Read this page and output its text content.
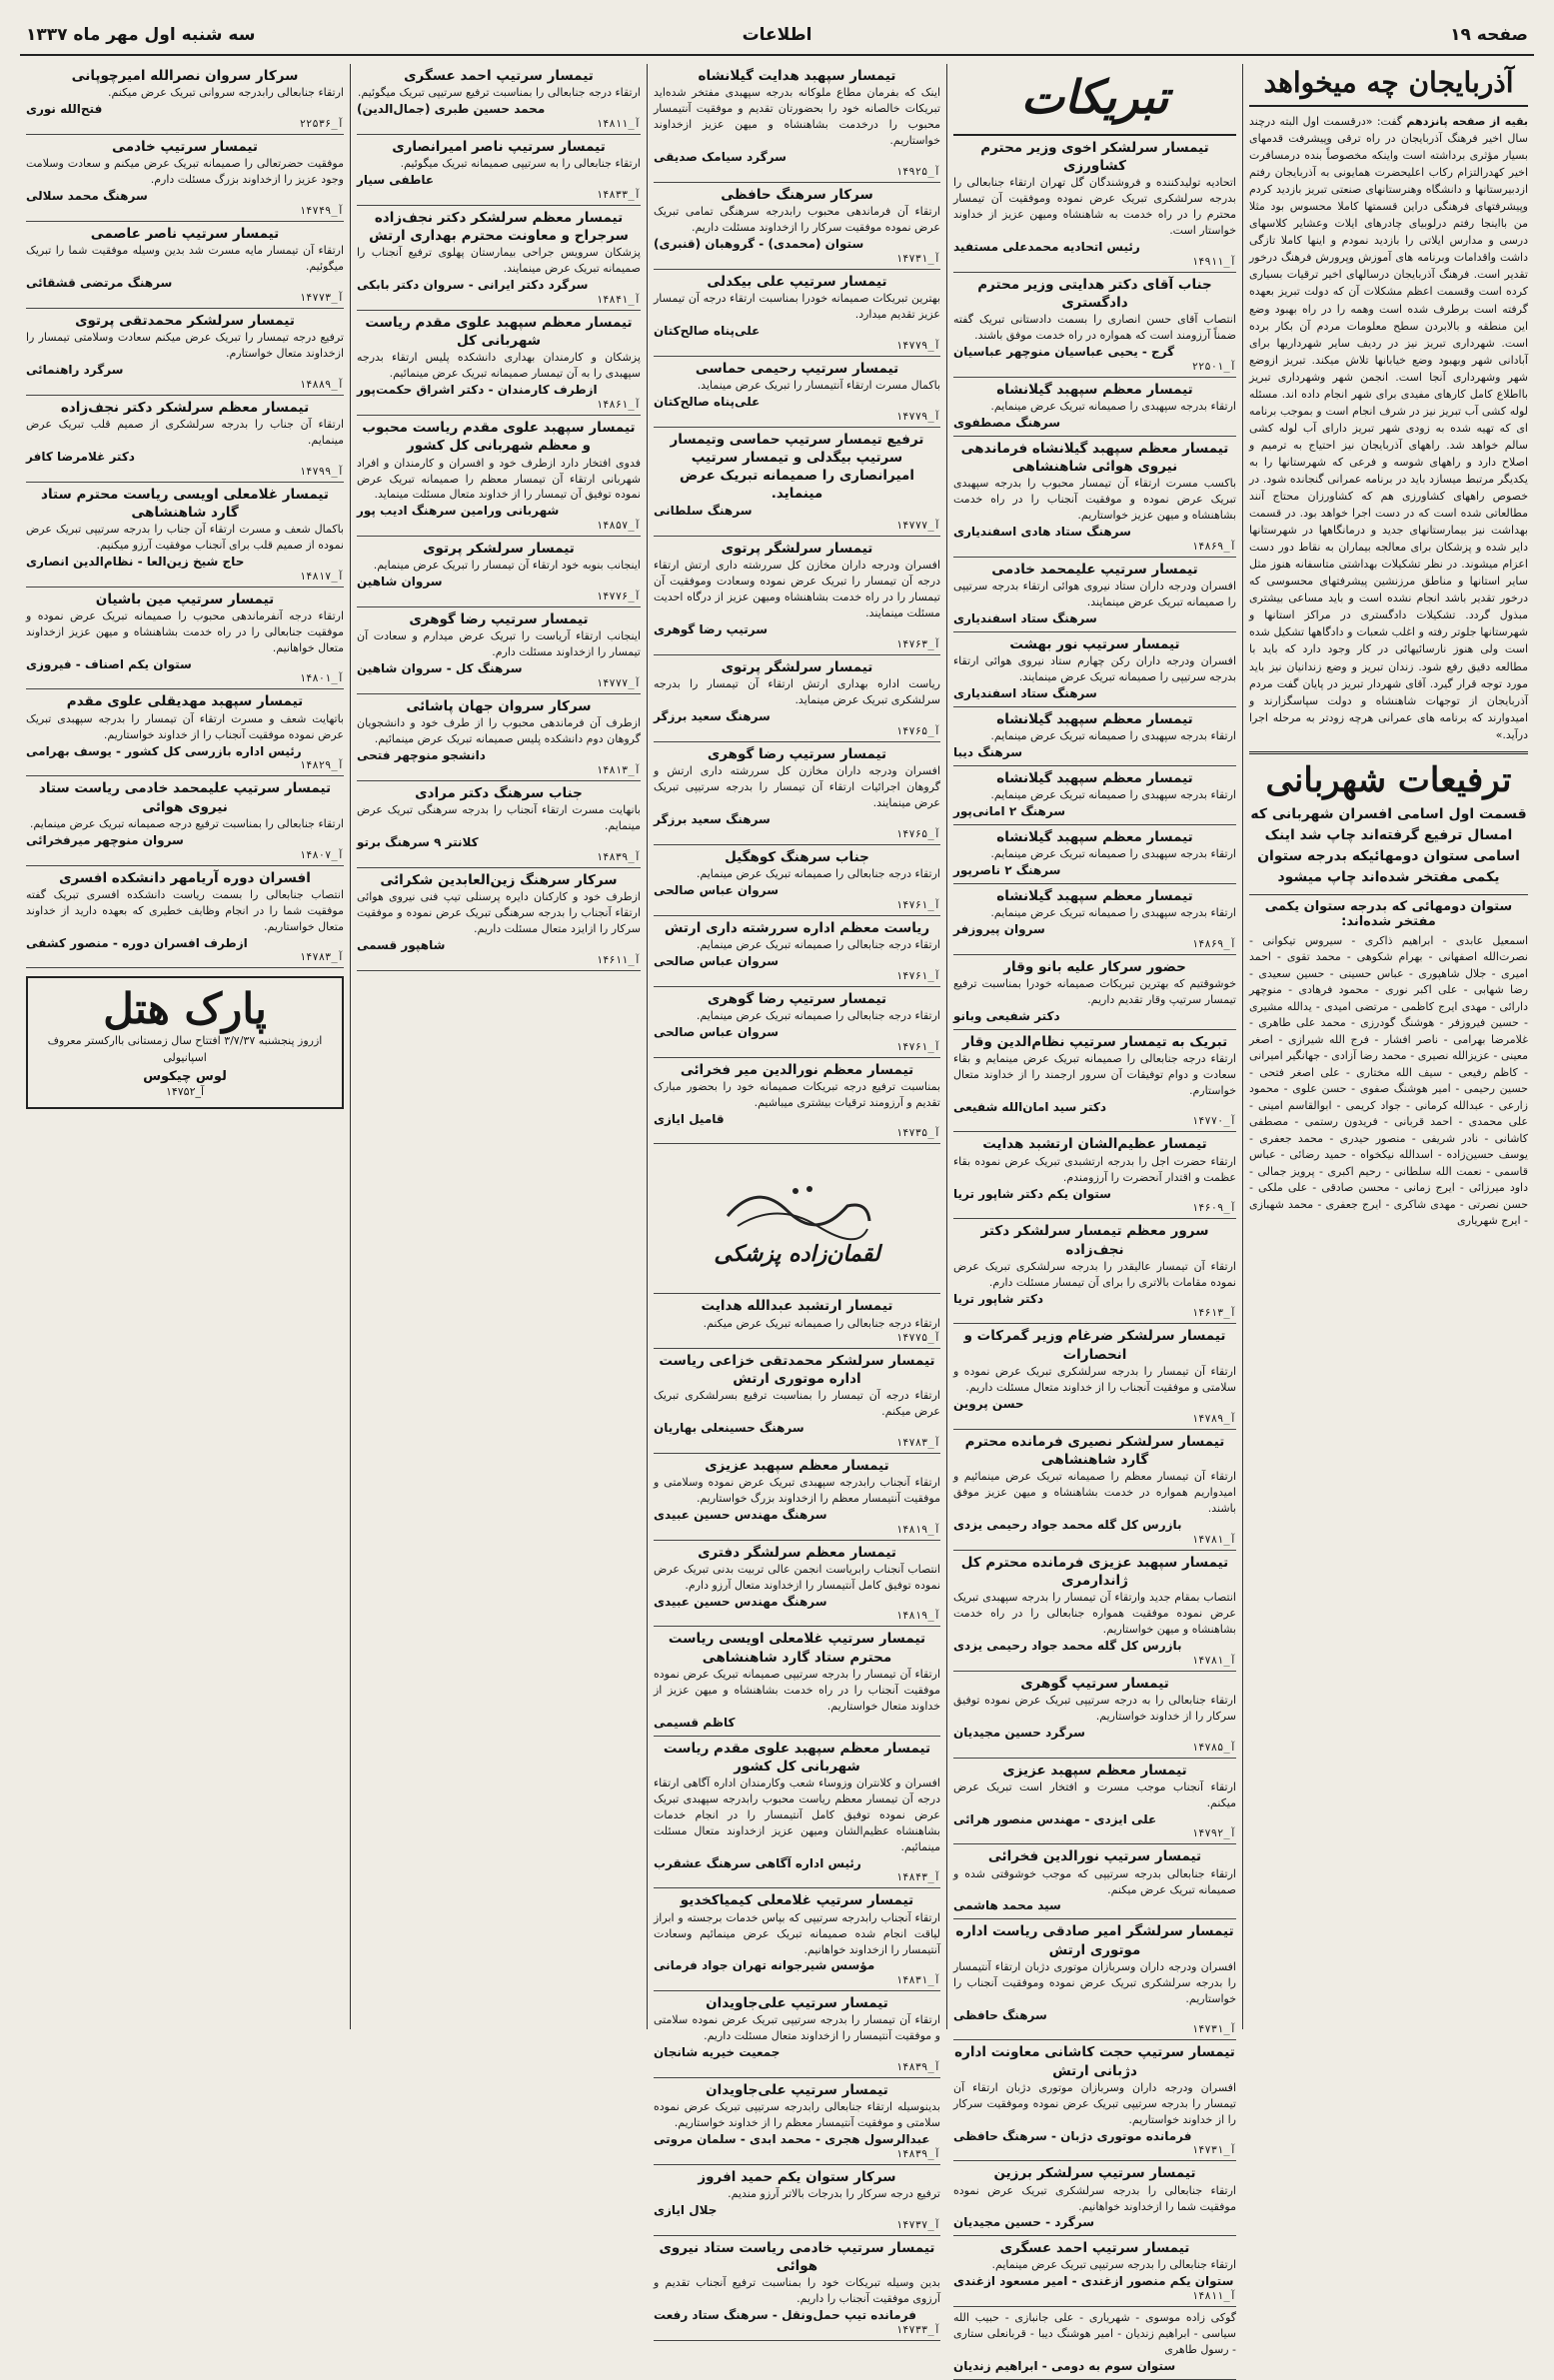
صفحه ۱۹
اطلاعات
سه شنبه اول مهر ماه ۱۳۳۷
آذربایجان چه میخواهد
بقیه از صفحه پانزدهم گفت: «درقسمت اول البته درچند سال اخیر فرهنگ آذربایجان در راه ترقی وپیشرفت قدمهای بسیار مؤثری برداشته است واینکه مخصوصاً بنده درمسافرت اخیر کهدرالتزام رکاب اعلیحضرت همایونی به آذربایجان رفتم ازدبیرستانها و دانشگاه وهنرستانهای صنعتی تبریز بازدید کردم وپیشرفتهای فرهنگی دراین قسمتها کاملا محسوس بود مثلا من بااینجا رفتم درلوبیای چادرهای ایلات وعشایر کلاسهای درسی و مدارس ایلاتی را بازدید نمودم و اینها کاملا تازگی داشت واقدامات وبرنامه های آموزش وپرورش فرهنگ درخور تقدیر است. فرهنگ آذربایجان درسالهای اخیر ترقیات بسیاری کرده است وقسمت اعظم مشکلات آن که دولت تبریز بعهده گرفته است برطرف شده است وهمه را در راه بهبود وضع این منطقه و بالابردن سطح معلومات مردم آن بکار برده است. شهرداری تبریز نیز در ردیف سایر شهرداریها برای آبادانی شهر وبهبود وضع خیابانها تلاش میکند. تبریز ازوضع شهر وشهرداری آنجا است. انجمن شهر وشهرداری تبریز بااطلاع کامل کارهای مفیدی برای شهر انجام داده اند. مسئله لوله کشی آب تبریز نیز در شرف انجام است و بموجب برنامه ای که تهیه شده به زودی شهر تبریز دارای آب لوله کشی سالم خواهد شد. راههای آذربایجان نیز احتیاج به ترمیم و اصلاح دارد و راههای شوسه و فرعی که شهرستانها را به یکدیگر مرتبط میسازد باید در برنامه عمرانی گنجانده شود. در خصوص راههای کشاورزی هم که کشاورزان محتاج آنند مطالعاتی شده است که در دست اجرا خواهد بود. در قسمت بهداشت نیز بیمارستانهای جدید و درمانگاهها در شهرستانها دایر شده و پزشکان برای معالجه بیماران به نقاط دور دست اعزام میشوند. در نظر تشکیلات بهداشتی متاسفانه هنوز مثل سایر استانها و مناطق مرزنشین پیشرفتهای محسوسی که درخور تقدیر باشد انجام نشده است و باید مساعی بیشتری مبذول گردد. تشکیلات دادگستری در مراکز استانها و شهرستانها جلوتر رفته و اغلب شعبات و دادگاهها تشکیل شده است ولی هنوز نارسائیهائی در کار وجود دارد که باید با مطالعه دقیق رفع شود. زندان تبریز و وضع زندانیان نیز باید مورد توجه قرار گیرد. آقای شهردار تبریز در پایان گفت مردم آذربایجان از توجهات شاهنشاه و دولت سپاسگزارند و امیدوارند که برنامه های عمرانی هرچه زودتر به مرحله اجرا درآید.»
ترفیعات شهربانی
قسمت اول اسامی افسران شهربانی که امسال ترفیع گرفته‌اند چاپ شد اینک اسامی ستوان دومهائیکه بدرجه ستوان یکمی مفتخر شده‌اند چاپ میشود
ستوان دومهائی که بدرجه ستوان یکمی مفتخر شده‌اند:
اسمعیل عابدی - ابراهیم ذاکری - سیروس تیکوانی - نصرت‌الله اصفهانی - بهرام شکوهی - محمد تقوی - احمد امیری - جلال شاهپوری - عباس حسینی - حسین سعیدی - رضا شهابی - علی اکبر نوری - محمود فرهادی - منوچهر دارائی - مهدی ایرج کاظمی - مرتضی امیدی - یدالله مشیری - حسین فیروزفر - هوشنگ گودرزی - محمد علی طاهری - غلامرضا بهرامی - ناصر افشار - فرج الله شیرازی - اصغر معینی - عزیزالله نصیری - محمد رضا آزادی - جهانگیر امیرانی - کاظم رفیعی - سیف الله مختاری - علی اصغر فتحی - حسین رحیمی - امیر هوشنگ صفوی - حسن علوی - محمود زارعی - عبدالله کرمانی - جواد کریمی - ابوالقاسم امینی - علی محمدی - احمد قربانی - فریدون رستمی - مصطفی کاشانی - نادر شریفی - منصور حیدری - محمد جعفری - یوسف حسین‌زاده - اسدالله نیکخواه - حمید رضائی - عباس قاسمی - نعمت الله سلطانی - رحیم اکبری - پرویز جمالی - داود میرزائی - ایرج زمانی - محسن صادقی - علی ملکی - حسن نصرتی - مهدی شاکری - ایرج جعفری - محمد شهبازی - ایرج شهریاری
تبریکات
تیمسار سرلشکر اخوی وزیر محترم کشاورزی
اتحادیه تولیدکننده و فروشندگان گل تهران ارتقاء جنابعالی را بدرجه سرلشکری تبریک عرض نموده وموفقیت آن تیمسار محترم را در راه خدمت به شاهنشاه ومیهن عزیز از خداوند خواستار است.
رئیس اتحادیه محمدعلی مستفید
آ_۱۴۹۱۱
جناب آقای دکتر هدایتی وزیر محترم دادگستری
انتصاب آقای حسن انصاری را بسمت دادستانی تبریک گفته ضمناً آرزومند است که همواره در راه خدمت موفق باشند.
گرج - یحیی عباسیان منوچهر عباسیان
آ_۲۲۵۰۱
تیمسار معظم سپهبد گیلانشاه
ارتقاء بدرجه سپهبدی را صمیمانه تبریک عرض مینمایم.
سرهنگ مصطفوی
تیمسار معظم سپهبد گیلانشاه فرماندهی نیروی هوائی شاهنشاهی
باکسب مسرت ارتقاء آن تیمسار محبوب را بدرجه سپهبدی تبریک عرض نموده و موفقیت آنجناب را در راه خدمت بشاهنشاه و میهن عزیز خواستاریم.
سرهنگ ستاد هادی اسفندیاری
آ_۱۴۸۶۹
تیمسار سرتیپ علیمحمد خادمی
افسران ودرجه داران ستاد نیروی هوائی ارتقاء بدرجه سرتیپی را صمیمانه تبریک عرض مینمایند.
سرهنگ ستاد اسفندیاری
تیمسار سرتیپ نور بهشت
افسران ودرجه داران رکن چهارم ستاد نیروی هوائی ارتقاء بدرجه سرتیپی را صمیمانه تبریک عرض مینمایند.
سرهنگ ستاد اسفندیاری
تیمسار معظم سپهبد گیلانشاه
ارتقاء بدرجه سپهبدی را صمیمانه تبریک عرض مینمایم.
سرهنگ دیبا
تیمسار معظم سپهبد گیلانشاه
ارتقاء بدرجه سپهبدی را صمیمانه تبریک عرض مینمایم.
سرهنگ ۲ امانی‌پور
تیمسار معظم سپهبد گیلانشاه
ارتقاء بدرجه سپهبدی را صمیمانه تبریک عرض مینمایم.
سرهنگ ۲ ناصرپور
تیمسار معظم سپهبد گیلانشاه
ارتقاء بدرجه سپهبدی را صمیمانه تبریک عرض مینمایم.
سروان پیروزفر
آ_۱۴۸۶۹
حضور سرکار علیه بانو وقار
خوشوقتیم که بهترین تبریکات صمیمانه خودرا بمناسبت ترفیع تیمسار سرتیپ وقار تقدیم داریم.
دکتر شفیعی وبانو
تبریک به تیمسار سرتیپ نظام‌الدین وقار
ارتقاء درجه جنابعالی را صمیمانه تبریک عرض مینمایم و بقاء سعادت و دوام توفیقات آن سرور ارجمند را از خداوند متعال خواستارم.
دکتر سید امان‌الله شفیعی
آ_۱۴۷۷۰
تیمسار عظیم‌الشان ارتشبد هدایت
ارتقاء حضرت اجل را بدرجه ارتشبدی تبریک عرض نموده بقاء عظمت و اقتدار آنحضرت را آرزومندم.
ستوان یکم دکتر شاپور تریا
آ_۱۴۶۰۹
سرور معظم تیمسار سرلشکر دکتر نجف‌زاده
ارتقاء آن تیمسار عالیقدر را بدرجه سرلشکری تبریک عرض نموده مقامات بالاتری را برای آن تیمسار مسئلت دارم.
دکتر شاپور تریا
آ_۱۴۶۱۳
تیمسار سرلشکر ضرغام وزیر گمرکات و انحصارات
ارتقاء آن تیمسار را بدرجه سرلشکری تبریک عرض نموده و سلامتی و موفقیت آنجناب را از خداوند متعال مسئلت داریم.
حسن پروین
آ_۱۴۷۸۹
تیمسار سرلشکر نصیری فرمانده محترم گارد شاهنشاهی
ارتقاء آن تیمسار معظم را صمیمانه تبریک عرض مینمائیم و امیدواریم همواره در خدمت بشاهنشاه و میهن عزیز موفق باشند.
بازرس کل گله محمد جواد رحیمی یزدی
آ_۱۴۷۸۱
تیمسار سپهبد عزیزی فرمانده محترم کل ژاندارمری
انتصاب بمقام جدید وارتقاء آن تیمسار را بدرجه سپهبدی تبریک عرض نموده موفقیت همواره جنابعالی را در راه خدمت بشاهنشاه و میهن خواستاریم.
بازرس کل گله محمد جواد رحیمی یزدی
آ_۱۴۷۸۱
تیمسار سرتیپ گوهری
ارتقاء جنابعالی را به درجه سرتیپی تبریک عرض نموده توفیق سرکار را از خداوند خواستاریم.
سرگرد حسین مجیدیان
آ_۱۴۷۸۵
تیمسار معظم سپهبد عزیزی
ارتقاء آنجناب موجب مسرت و افتخار است تبریک عرض میکنم.
علی ایزدی - مهندس منصور هرائی
آ_۱۴۷۹۲
تیمسار سرتیپ نورالدین فخرائی
ارتقاء جنابعالی بدرجه سرتیپی که موجب خوشوقتی شده و صمیمانه تبریک عرض میکنم.
سید محمد هاشمی
تیمسار سرلشگر امیر صادقی ریاست اداره موتوری ارتش
افسران ودرجه داران وسربازان موتوری دژبان ارتقاء آنتیمسار را بدرجه سرلشکری تبریک عرض نموده وموفقیت آنجناب را خواستاریم.
سرهنگ حافظی
آ_۱۴۷۳۱
تیمسار سرتیپ حجت کاشانی معاونت اداره دژبانی ارتش
افسران ودرجه داران وسربازان موتوری دژبان ارتقاء آن تیمسار را بدرجه سرتیپی تبریک عرض نموده وموفقیت سرکار را از خداوند خواستاریم.
فرمانده موتوری دژبان - سرهنگ حافظی
آ_۱۴۷۳۱
تیمسار سرتیپ سرلشکر برزین
ارتقاء جنابعالی را بدرجه سرلشکری تبریک عرض نموده موفقیت شما را ازخداوند خواهانیم.
سرگرد - حسین مجیدیان
تیمسار سرتیپ احمد عسگری
ارتقاء جنابعالی را بدرجه سرتیپی تبریک عرض مینمایم.
ستوان یکم منصور ازغندی - امیر مسعود ازغندی
آ_۱۴۸۱۱
گوکی زاده موسوی - شهریاری - علی جانبازی - حبیب الله سیاسی - ابراهیم زندیان - امیر هوشنگ دیبا - قربانعلی ستاری - رسول طاهری
ستوان سوم به دومی - ابراهیم زندیان
تیمسار سپهبد هدایت گیلانشاه
اینک که بفرمان مطاع ملوکانه بدرجه سپهبدی مفتخر شده‌اید تبریکات خالصانه خود را بحضورتان تقدیم و موفقیت آنتیمسار محبوب را درخدمت بشاهنشاه و میهن عزیز ازخداوند خواستاریم.
سرگرد سیامک صدیقی
آ_۱۴۹۲۵
سرکار سرهنگ حافظی
ارتقاء آن فرماندهی محبوب رابدرجه سرهنگی تمامی تبریک عرض نموده موفقیت سرکار را ازخداوند مسئلت داریم.
ستوان (محمدی) - گروهبان (قنبری)
آ_۱۴۷۳۱
تیمسار سرتیپ علی بیکدلی
بهترین تبریکات صمیمانه خودرا بمناسبت ارتقاء درجه آن تیمسار عزیز تقدیم میدارد.
علی‌پناه صالح‌کتان
آ_۱۴۷۷۹
تیمسار سرتیپ رحیمی حماسی
باکمال مسرت ارتقاء آنتیمسار را تبریک عرض مینماید.
علی‌پناه صالح‌کتان
آ_۱۴۷۷۹
ترفیع تیمسار سرتیپ حماسی وتیمسار سرتیپ بیگدلی و تیمسار سرتیپ امیرانصاری را صمیمانه تبریک عرض مینماید.
سرهنگ سلطانی
آ_۱۴۷۷۷
تیمسار سرلشگر پرتوی
افسران ودرجه داران مخازن کل سررشته داری ارتش ارتقاء درجه آن تیمسار را تبریک عرض نموده وسعادت وموفقیت آن تیمسار را در راه خدمت بشاهنشاه ومیهن عزیز از درگاه احدیت مسئلت مینمایند.
سرتیپ رضا گوهری
آ_۱۴۷۶۳
تیمسار سرلشگر پرتوی
ریاست اداره بهداری ارتش ارتقاء آن تیمسار را بدرجه سرلشکری تبریک عرض مینماید.
سرهنگ سعید برزگر
آ_۱۴۷۶۵
تیمسار سرتیپ رضا گوهری
افسران ودرجه داران مخازن کل سررشته داری ارتش و گروهان اجرائیات ارتقاء آن تیمسار را بدرجه سرتیپی تبریک عرض مینمایند.
سرهنگ سعید برزگر
آ_۱۴۷۶۵
جناب سرهنگ کوهگیل
ارتقاء درجه جنابعالی را صمیمانه تبریک عرض مینمایم.
سروان عباس صالحی
آ_۱۴۷۶۱
ریاست معظم اداره سررشته داری ارتش
ارتقاء درجه جنابعالی را صمیمانه تبریک عرض مینمایم.
سروان عباس صالحی
آ_۱۴۷۶۱
تیمسار سرتیپ رضا گوهری
ارتقاء درجه جنابعالی را صمیمانه تبریک عرض مینمایم.
سروان عباس صالحی
آ_۱۴۷۶۱
تیمسار معظم نورالدین میر فخرائی
بمناسبت ترفیع درجه تبریکات صمیمانه خود را بحضور مبارک تقدیم و آرزومند ترقیات بیشتری میباشیم.
قامیل ایازی
آ_۱۴۷۳۵
لقمان‌زاده پزشکی
تیمسار ارتشبد عبدالله هدایت
ارتقاء درجه جنابعالی را صمیمانه تبریک عرض میکنم.
آ_۱۴۷۷۵
تیمسار سرلشکر محمدتقی خزاعی ریاست اداره موتوری ارتش
ارتقاء درجه آن تیمسار را بمناسبت ترفیع بسرلشکری تبریک عرض میکنم.
سرهنگ حسینعلی بهاریان
آ_۱۴۷۸۳
تیمسار معظم سپهبد عزیزی
ارتقاء آنجناب رابدرجه سپهبدی تبریک عرض نموده وسلامتی و موفقیت آنتیمسار معظم را ازخداوند بزرگ خواستاریم.
سرهنگ مهندس حسین عبیدی
آ_۱۴۸۱۹
تیمسار معظم سرلشگر دفتری
انتصاب آنجناب رابریاست انجمن عالی تربیت بدنی تبریک عرض نموده توفیق کامل آنتیمسار را ازخداوند متعال آرزو دارم.
سرهنگ مهندس حسین عبیدی
آ_۱۴۸۱۹
تیمسار سرتیپ غلامعلی اویسی ریاست محترم ستاد گارد شاهنشاهی
ارتقاء آن تیمسار را بدرجه سرتیپی صمیمانه تبریک عرض نموده موفقیت آنجناب را در راه خدمت بشاهنشاه و میهن عزیز از خداوند متعال خواستاریم.
کاظم قسیمی
تیمسار معظم سپهبد علوی مقدم ریاست شهربانی کل کشور
افسران و کلانتران وزوساء شعب وکارمندان اداره آگاهی ارتقاء درجه آن تیمسار معظم ریاست محبوب رابدرجه سپهبدی تبریک عرض نموده توفیق کامل آنتیمسار را در انجام خدمات بشاهنشاه عظیم‌الشان ومیهن عزیز ازخداوند متعال مسئلت مینمائیم.
رئیس اداره آگاهی سرهنگ عشقرب
آ_۱۴۸۴۳
تیمسار سرتیپ غلامعلی کیمیاکخدیو
ارتقاء آنجناب رابدرجه سرتیپی که بپاس خدمات برجسته و ابراز لیاقت انجام شده صمیمانه تبریک عرض مینمائیم وسعادت آنتیمسار را ازخداوند خواهانیم.
مؤسس شیرجوانه تهران جواد فرمانی
آ_۱۴۸۳۱
تیمسار سرتیپ علی‌جاویدان
ارتقاء آن تیمسار را بدرجه سرتیپی تبریک عرض نموده سلامتی و موفقیت آنتیمسار را ازخداوند متعال مسئلت داریم.
جمعیت خیریه شانجان
آ_۱۴۸۳۹
تیمسار سرتیپ علی‌جاویدان
بدینوسیله ارتقاء جنابعالی رابدرجه سرتیپی تبریک عرض نموده سلامتی و موفقیت آنتیمسار معظم را از خداوند خواستاریم.
عبدالرسول هجری - محمد ابدی - سلمان مروتی
آ_۱۴۸۳۹
سرکار ستوان یکم حمید افروز
ترفیع درجه سرکار را بدرجات بالاتر آرزو مندیم.
جلال ایازی
آ_۱۴۷۳۷
تیمسار سرتیپ خادمی ریاست ستاد نیروی هوائی
بدین وسیله تبریکات خود را بمناسبت ترفیع آنجناب تقدیم و آرزوی موفقیت آنجناب را داریم.
فرمانده تیپ حمل‌ونقل - سرهنگ ستاد رفعت
آ_۱۴۷۳۳
تیمسار سرتیپ احمد عسگری
ارتقاء درجه جنابعالی را بمناسبت ترفیع سرتیپی تبریک میگوئیم.
محمد حسین طبری (جمال‌الدین)
آ_۱۴۸۱۱
تیمسار سرتیپ ناصر امیرانصاری
ارتقاء جنابعالی را به سرتیپی صمیمانه تبریک میگوئیم.
عاطفی سیار
آ_۱۴۸۳۳
تیمسار معظم سرلشکر دکتر نجف‌زاده سرجراح و معاونت محترم بهداری ارتش
پزشکان سرویس جراحی بیمارستان پهلوی ترفیع آنجناب را صمیمانه تبریک عرض مینمایند.
سرگرد دکتر ایرانی - سروان دکتر بابکی
آ_۱۴۸۴۱
تیمسار معظم سپهبد علوی مقدم ریاست شهربانی کل
پزشکان و کارمندان بهداری دانشکده پلیس ارتقاء بدرجه سپهبدی را به آن تیمسار صمیمانه تبریک عرض مینمائیم.
ازطرف کارمندان - دکتر اشراق حکمت‌پور
آ_۱۴۸۶۱
تیمسار سپهبد علوی مقدم ریاست محبوب و معظم شهربانی کل کشور
فدوی افتخار دارد ازطرف خود و افسران و کارمندان و افراد شهربانی ارتقاء آن تیمسار معظم را صمیمانه تبریک عرض نموده توفیق آن تیمسار را از خداوند متعال مسئلت مینماید.
شهربانی ورامین سرهنگ ادیب پور
آ_۱۴۸۵۷
تیمسار سرلشکر پرتوی
اینجانب بنوبه خود ارتقاء آن تیمسار را تبریک عرض مینمایم.
سروان شاهین
آ_۱۴۷۷۶
تیمسار سرتیپ رضا گوهری
اینجانب ارتقاء آریاست را تبریک عرض میدارم و سعادت آن تیمسار را ازخداوند مسئلت دارم.
سرهنگ کل - سروان شاهین
آ_۱۴۷۷۷
سرکار سروان جهان پاشائی
ازطرف آن فرماندهی محبوب را از طرف خود و دانشجویان گروهان دوم دانشکده پلیس صمیمانه تبریک عرض مینمائیم.
دانشجو منوچهر فتحی
آ_۱۴۸۱۳
جناب سرهنگ دکتر مرادی
بانهایت مسرت ارتقاء آنجناب را بدرجه سرهنگی تبریک عرض مینمایم.
کلانتر ۹ سرهنگ برتو
آ_۱۴۸۳۹
سرکار سرهنگ زین‌العابدین شکرائی
ازطرف خود و کارکنان دایره پرسنلی تیپ فنی نیروی هوائی ارتقاء آنجناب را بدرجه سرهنگی تبریک عرض نموده و موفقیت سرکار را ازایزد متعال مسئلت داریم.
شاهپور قسمی
آ_۱۴۶۱۱
سرکار سروان نصرالله امیرچوپانی
ارتقاء جنابعالی رابدرجه سروانی تبریک عرض میکنم.
فتح‌الله نوری
آ_۲۲۵۳۶
تیمسار سرتیپ خادمی
موفقیت حضرتعالی را صمیمانه تبریک عرض میکنم و سعادت وسلامت وجود عزیز را ازخداوند بزرگ مسئلت دارم.
سرهنگ محمد سلالی
آ_۱۴۷۴۹
تیمسار سرتیپ ناصر عاصمی
ارتقاء آن تیمسار مایه مسرت شد بدین وسیله موفقیت شما را تبریک میگوئیم.
سرهنگ مرتضی قشقائی
آ_۱۴۷۷۳
تیمسار سرلشکر محمدتقی پرتوی
ترفیع درجه تیمسار را تبریک عرض میکنم سعادت وسلامتی تیمسار را ازخداوند متعال خواستارم.
سرگرد راهنمائی
آ_۱۴۸۸۹
تیمسار معظم سرلشکر دکتر نجف‌زاده
ارتقاء آن جناب را بدرجه سرلشکری از صمیم قلب تبریک عرض مینمایم.
دکتر غلامرضا کافر
آ_۱۴۷۹۹
تیمسار غلامعلی اویسی ریاست محترم ستاد گارد شاهنشاهی
باکمال شعف و مسرت ارتقاء آن جناب را بدرجه سرتیپی تبریک عرض نموده از صمیم قلب برای آنجناب موفقیت آرزو میکنیم.
حاج شیخ زین‌العا - نظام‌الدین انصاری
آ_۱۴۸۱۷
تیمسار سرتیپ مین باشیان
ارتقاء درجه آنفرماندهی محبوب را صمیمانه تبریک عرض نموده و موفقیت جنابعالی را در راه خدمت بشاهنشاه و میهن عزیز ازخداوند متعال خواهانیم.
ستوان یکم اصناف - فیروزی
آ_۱۴۸۰۱
تیمسار سپهبد مهدیقلی علوی مقدم
باتهایت شعف و مسرت ارتقاء آن تیمسار را بدرجه سپهبدی تبریک عرض نموده موفقیت آنجناب را از خداوند خواستاریم.
رئیس اداره بازرسی کل کشور - یوسف بهرامی
آ_۱۴۸۲۹
تیمسار سرتیپ علیمحمد خادمی ریاست ستاد نیروی هوائی
ارتقاء جنابعالی را بمناسبت ترفیع درجه صمیمانه تبریک عرض مینمایم.
سروان منوچهر میرفخرائی
آ_۱۴۸۰۷
افسران دوره آریامهر دانشکده افسری
انتصاب جنابعالی را بسمت ریاست دانشکده افسری تبریک گفته موفقیت شما را در انجام وظایف خطیری که بعهده دارید از خداوند متعال خواستاریم.
ازطرف افسران دوره - منصور کشفی
آ_۱۴۷۸۳
پارک هتل
ازروز پنجشنبه ۳/۷/۳۷ افتتاح سال زمستانی باارکستر معروف اسپانیولی
لوس چیکوس
آ_۱۴۷۵۲
